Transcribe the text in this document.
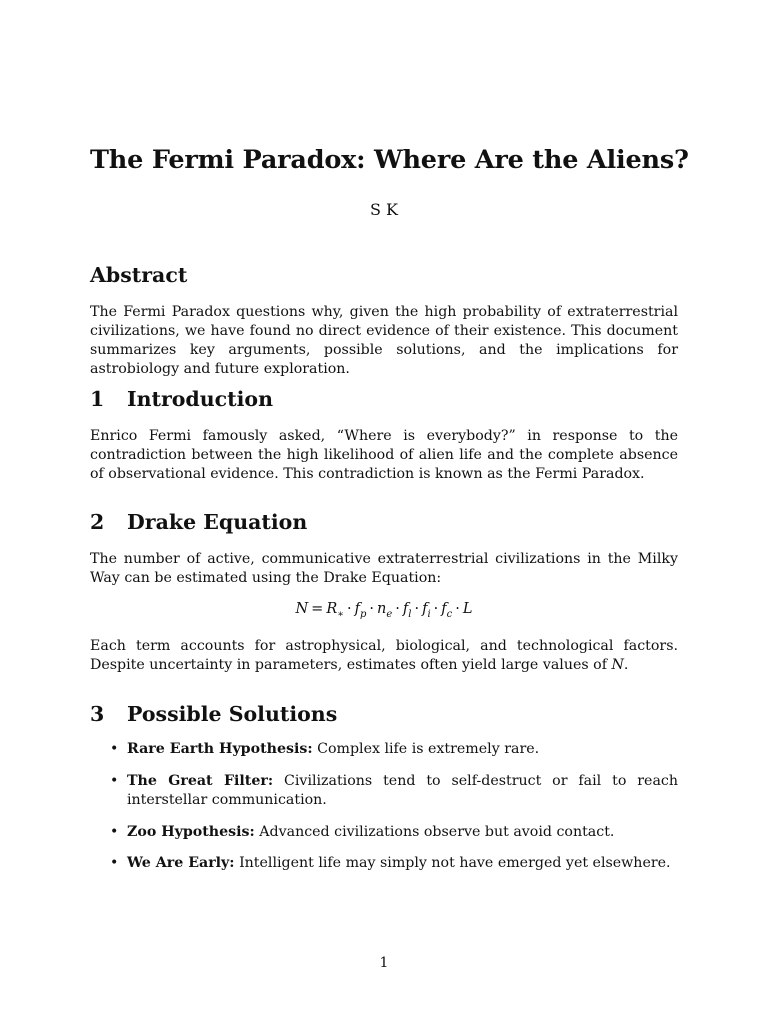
The Fermi Paradox: Where Are the Aliens?
S K
Abstract

The Fermi Paradox questions why, given the high probability of extraterrestrial civilizations, we have found no direct evidence of their existence. This document summarizes key arguments, possible solutions, and the implications for astrobiology and future exploration.

1 Introduction

Enrico Fermi famously asked, “Where is everybody?” in response to the contradiction between the high likelihood of alien life and the complete absence of observational evidence. This contradiction is known as the Fermi Paradox.

2 Drake Equation

The number of active, communicative extraterrestrial civilizations in the Milky Way can be estimated using the Drake Equation:

$N = R_∗ \cdot f_p \cdot n_e \cdot f_l \cdot f_i \cdot f_c \cdot L$

Each term accounts for astrophysical, biological, and technological factors. Despite uncertainty in parameters, estimates often yield large values of N.

3 Possible Solutions
• Rare Earth Hypothesis: Complex life is extremely rare.
• The Great Filter: Civilizations tend to self-destruct or fail to reach interstellar communication.
• Zoo Hypothesis: Advanced civilizations observe but avoid contact.
• We Are Early: Intelligent life may simply not have emerged yet elsewhere.
1
